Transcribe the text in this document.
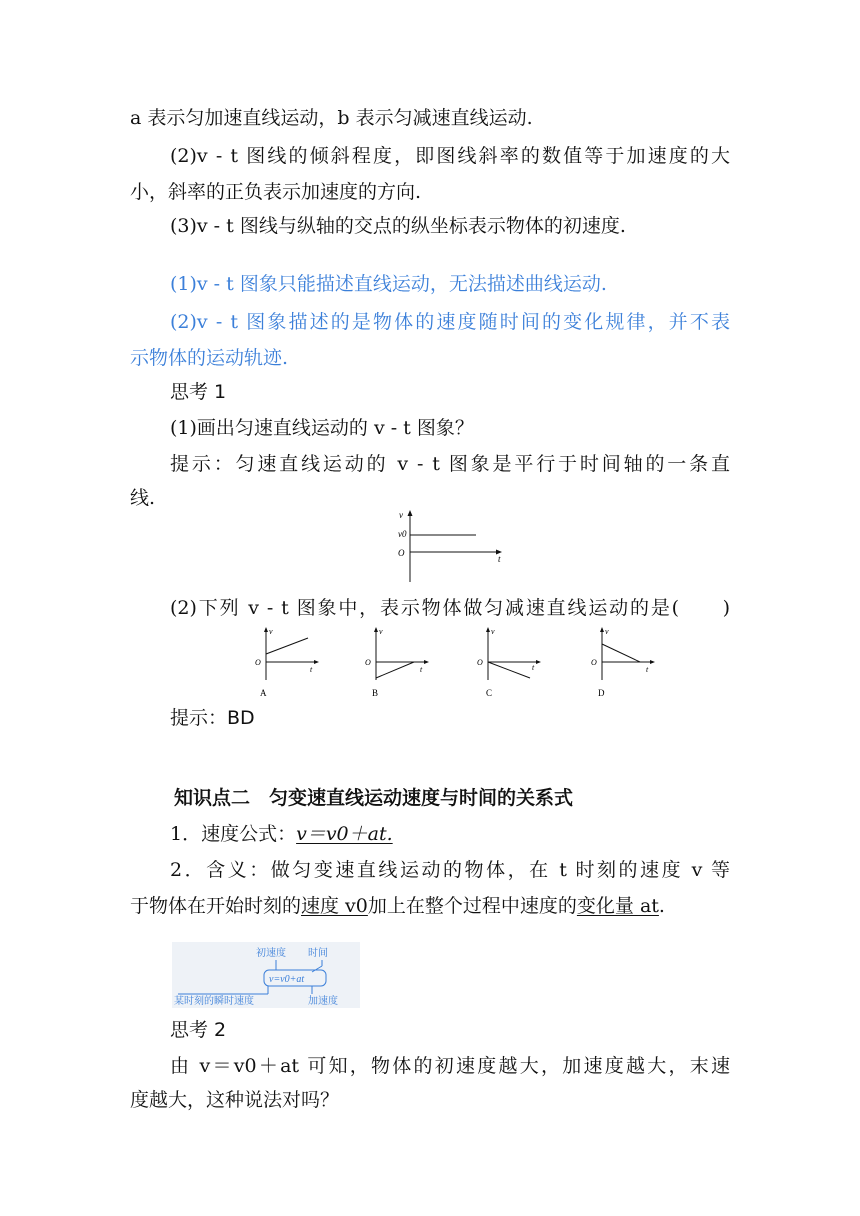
a 表示匀加速直线运动，b 表示匀减速直线运动.
(2)v - t 图线的倾斜程度，即图线斜率的数值等于加速度的大
小，斜率的正负表示加速度的方向.
(3)v - t 图线与纵轴的交点的纵坐标表示物体的初速度.
(1)v - t 图象只能描述直线运动，无法描述曲线运动.
(2)v - t 图象描述的是物体的速度随时间的变化规律，并不表
示物体的运动轨迹.
思考 1
(1)画出匀速直线运动的 v - t 图象？
提示：匀速直线运动的 v - t 图象是平行于时间轴的一条直
线.
v
v0
O
t
(2)下列 v - t 图象中，表示物体做匀减速直线运动的是(　　)
v
O
t
A
v
O
t
B
v
O
t
C
v
O
t
D
提示：BD
知识点二　匀变速直线运动速度与时间的关系式
1．速度公式：v＝v0＋at.
2．含义：做匀变速直线运动的物体，在 t 时刻的速度 v 等
于物体在开始时刻的速度 v0加上在整个过程中速度的变化量 at.
初速度 时间
v=v0+at
某时刻的瞬时速度	加速度
思考 2
由 v＝v0＋at 可知，物体的初速度越大，加速度越大，末速
度越大，这种说法对吗？
